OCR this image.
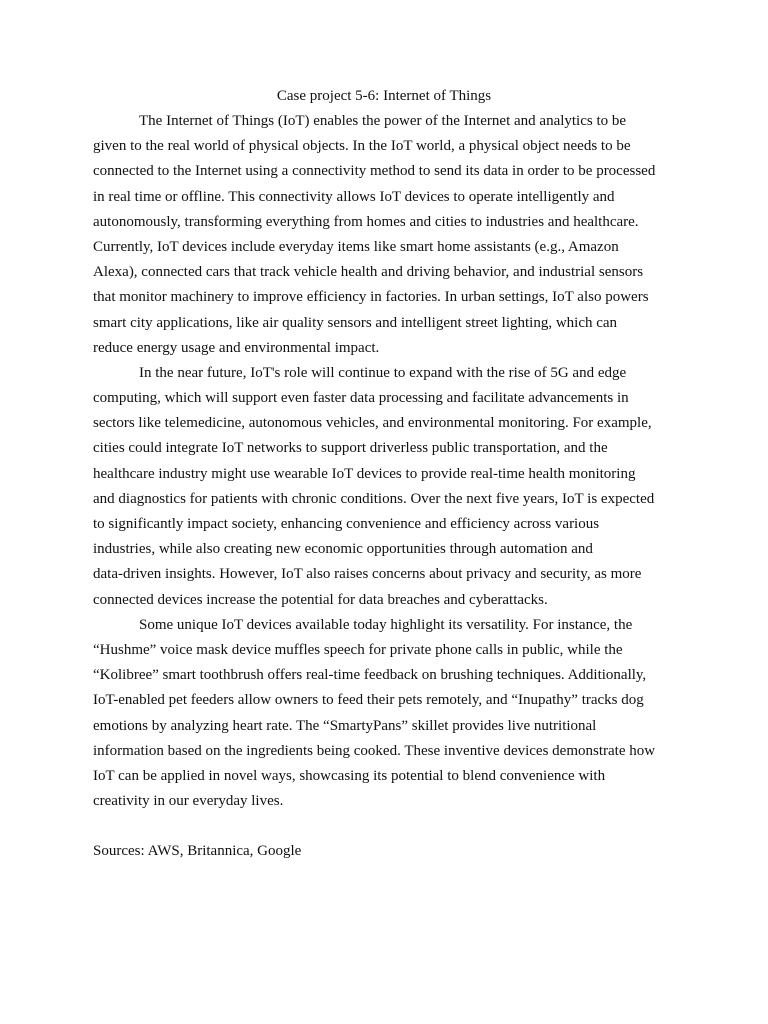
Case project 5-6: Internet of Things
The Internet of Things (IoT) enables the power of the Internet and analytics to be
given to the real world of physical objects. In the IoT world, a physical object needs to be
connected to the Internet using a connectivity method to send its data in order to be processed
in real time or offline. This connectivity allows IoT devices to operate intelligently and
autonomously, transforming everything from homes and cities to industries and healthcare.
Currently, IoT devices include everyday items like smart home assistants (e.g., Amazon
Alexa), connected cars that track vehicle health and driving behavior, and industrial sensors
that monitor machinery to improve efficiency in factories. In urban settings, IoT also powers
smart city applications, like air quality sensors and intelligent street lighting, which can
reduce energy usage and environmental impact.
In the near future, IoT's role will continue to expand with the rise of 5G and edge
computing, which will support even faster data processing and facilitate advancements in
sectors like telemedicine, autonomous vehicles, and environmental monitoring. For example,
cities could integrate IoT networks to support driverless public transportation, and the
healthcare industry might use wearable IoT devices to provide real-time health monitoring
and diagnostics for patients with chronic conditions. Over the next five years, IoT is expected
to significantly impact society, enhancing convenience and efficiency across various
industries, while also creating new economic opportunities through automation and
data-driven insights. However, IoT also raises concerns about privacy and security, as more
connected devices increase the potential for data breaches and cyberattacks.
Some unique IoT devices available today highlight its versatility. For instance, the
“Hushme” voice mask device muffles speech for private phone calls in public, while the
“Kolibree” smart toothbrush offers real-time feedback on brushing techniques. Additionally,
IoT-enabled pet feeders allow owners to feed their pets remotely, and “Inupathy” tracks dog
emotions by analyzing heart rate. The “SmartyPans” skillet provides live nutritional
information based on the ingredients being cooked. These inventive devices demonstrate how
IoT can be applied in novel ways, showcasing its potential to blend convenience with
creativity in our everyday lives.
Sources: AWS, Britannica, Google
